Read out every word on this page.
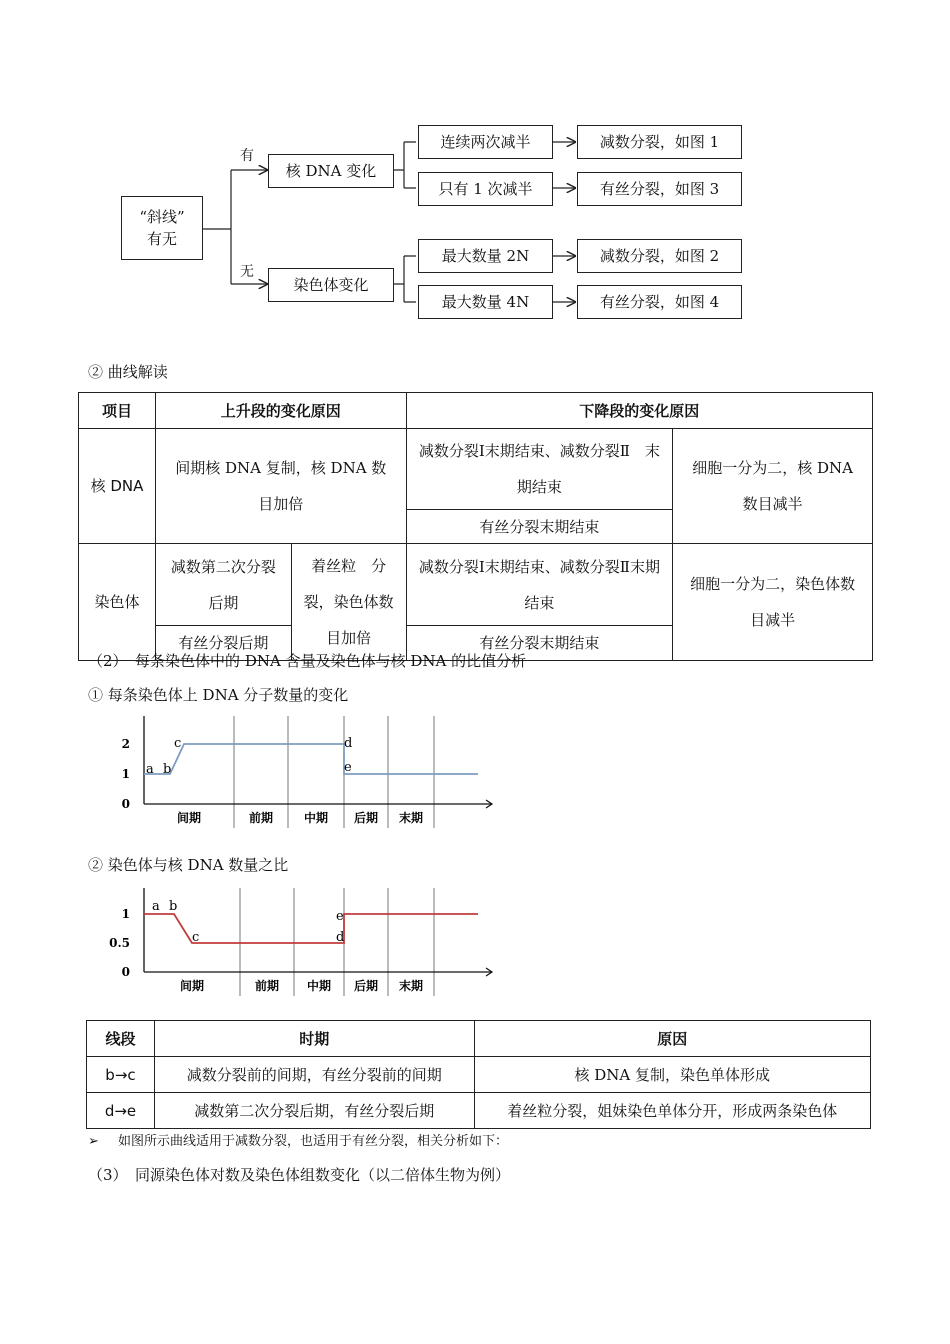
“斜线”
有无
有
无
核 DNA 变化
染色体变化
连续两次减半
只有 1 次减半
最大数量 2N
最大数量 4N
减数分裂，如图 1
有丝分裂，如图 3
减数分裂，如图 2
有丝分裂，如图 4
② 曲线解读
项目	上升段的变化原因		下降段的变化原因	
核 DNA	间期核 DNA 复制，核 DNA 数目加倍		减数分裂Ⅰ末期结束、减数分裂Ⅱ　末期结束	细胞一分为二，核 DNA 数目减半
			有丝分裂末期结束	
染色体	减数第二次分裂后期	着丝粒　分裂，染色体数目加倍	减数分裂Ⅰ末期结束、减数分裂Ⅱ末期结束	细胞一分为二，染色体数目减半
	有丝分裂后期		有丝分裂末期结束	
（2）　每条染色体中的 DNA 含量及染色体与核 DNA 的比值分析
① 每条染色体上 DNA 分子数量的变化
2
1
0
间期	前期	中期 后期 末期
a b
c	d
e
② 染色体与核 DNA 数量之比
1
0.5
0
间期	前期 中期 后期 末期
a b
c
e
d
线段	时期	原因
b→c	减数分裂前的间期，有丝分裂前的间期	核 DNA 复制，染色单体形成
d→e	减数第二次分裂后期，有丝分裂后期	着丝粒分裂，姐妹染色单体分开，形成两条染色体
➢ 如图所示曲线适用于减数分裂，也适用于有丝分裂，相关分析如下：
（3）　同源染色体对数及染色体组数变化（以二倍体生物为例）
